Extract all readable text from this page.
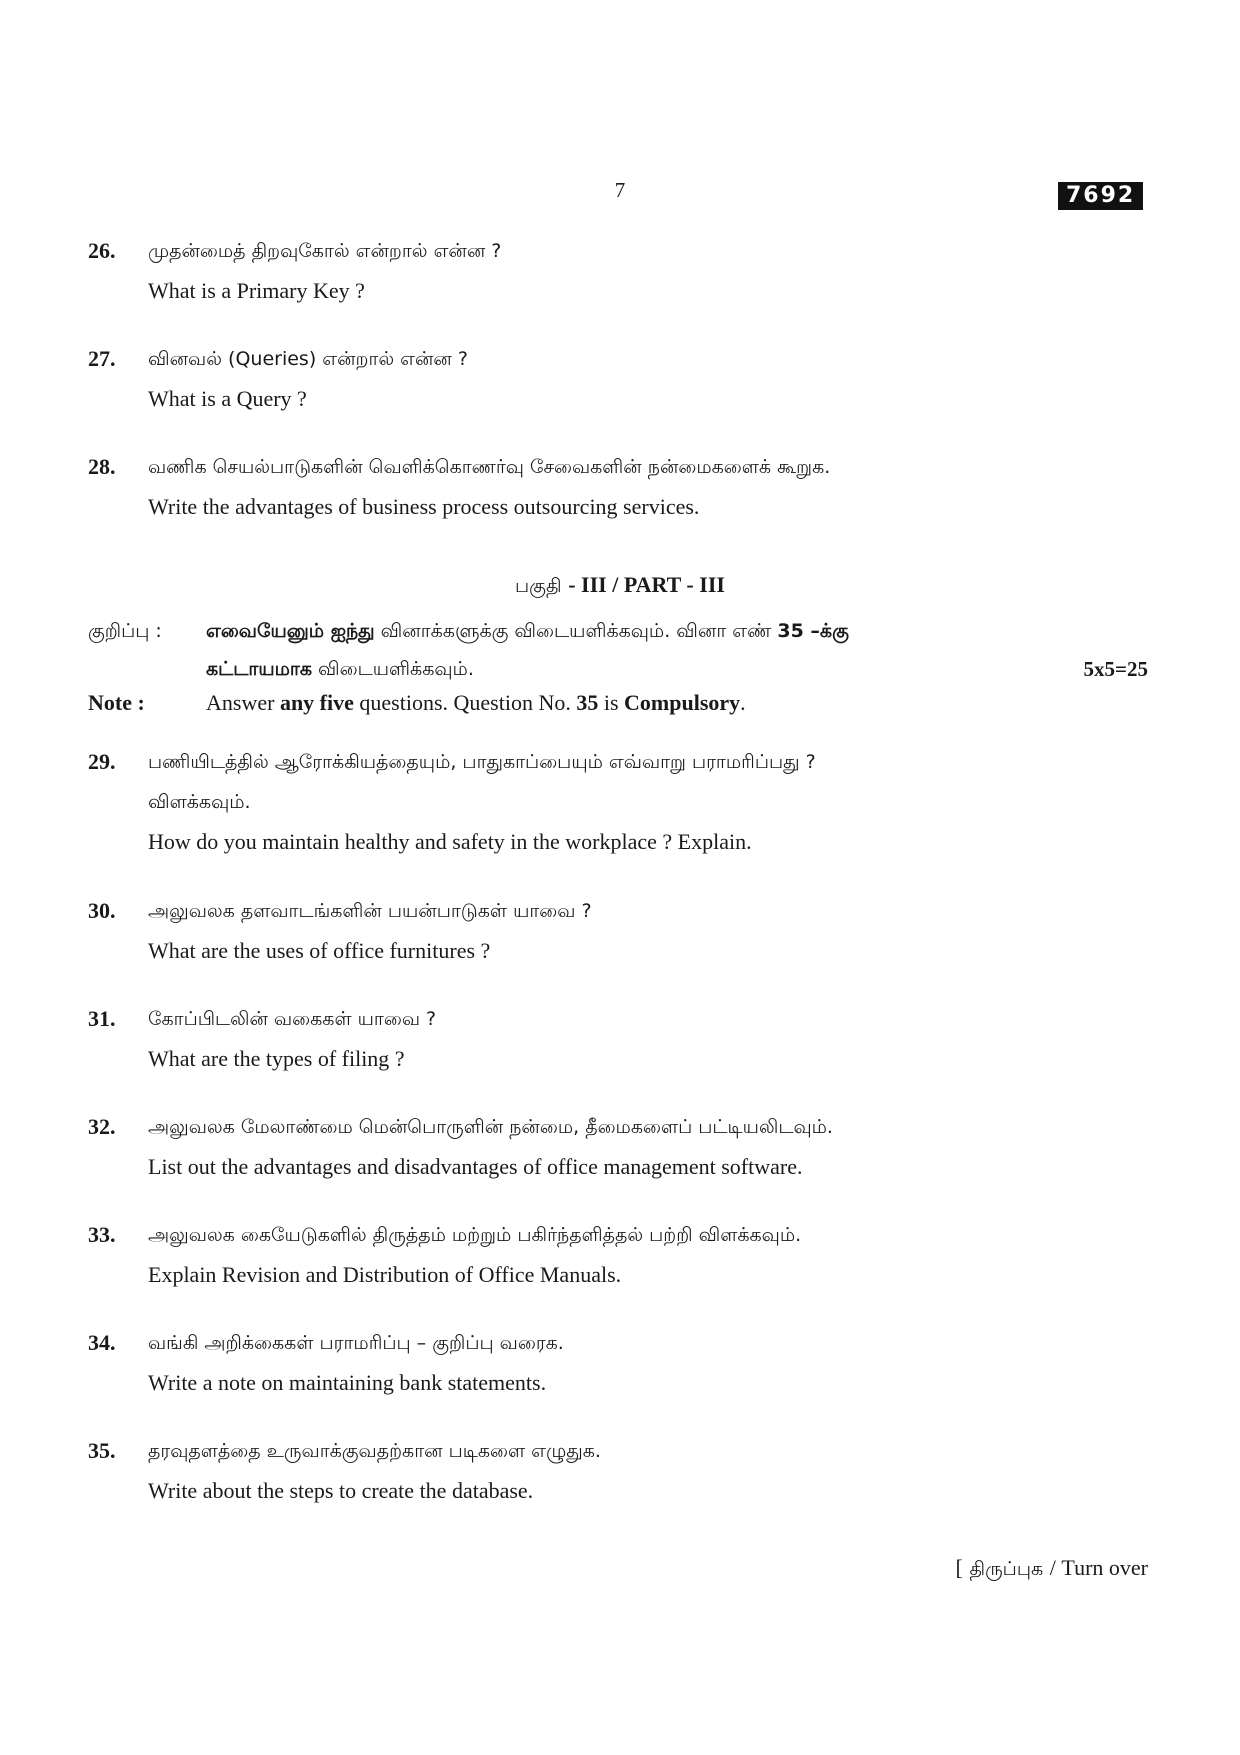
7	7692
26. முதன்மைத் திறவுகோல் என்றால் என்ன ?
What is a Primary Key ?
27. வினவல் (Queries) என்றால் என்ன ?
What is a Query ?
28. வணிக செயல்பாடுகளின் வெளிக்கொணர்வு சேவைகளின் நன்மைகளைக் கூறுக.
Write the advantages of business process outsourcing services.
பகுதி - III / PART - III
குறிப்பு : எவையேனும் ஐந்து வினாக்களுக்கு விடையளிக்கவும். வினா எண் 35 –க்கு
கட்டாயமாக விடையளிக்கவும்.	5x5=25
Note :	Answer any five questions. Question No. 35 is Compulsory.
29. பணியிடத்தில் ஆரோக்கியத்தையும், பாதுகாப்பையும் எவ்வாறு பராமரிப்பது ?
விளக்கவும்.
How do you maintain healthy and safety in the workplace ? Explain.
30. அலுவலக தளவாடங்களின் பயன்பாடுகள் யாவை ?
What are the uses of office furnitures ?
31. கோப்பிடலின் வகைகள் யாவை ?
What are the types of filing ?
32. அலுவலக மேலாண்மை மென்பொருளின் நன்மை, தீமைகளைப் பட்டியலிடவும்.
List out the advantages and disadvantages of office management software.
33. அலுவலக கையேடுகளில் திருத்தம் மற்றும் பகிர்ந்தளித்தல் பற்றி விளக்கவும்.
Explain Revision and Distribution of Office Manuals.
34. வங்கி அறிக்கைகள் பராமரிப்பு – குறிப்பு வரைக.
Write a note on maintaining bank statements.
35. தரவுதளத்தை உருவாக்குவதற்கான படிகளை எழுதுக.
Write about the steps to create the database.
[ திருப்புக / Turn over
